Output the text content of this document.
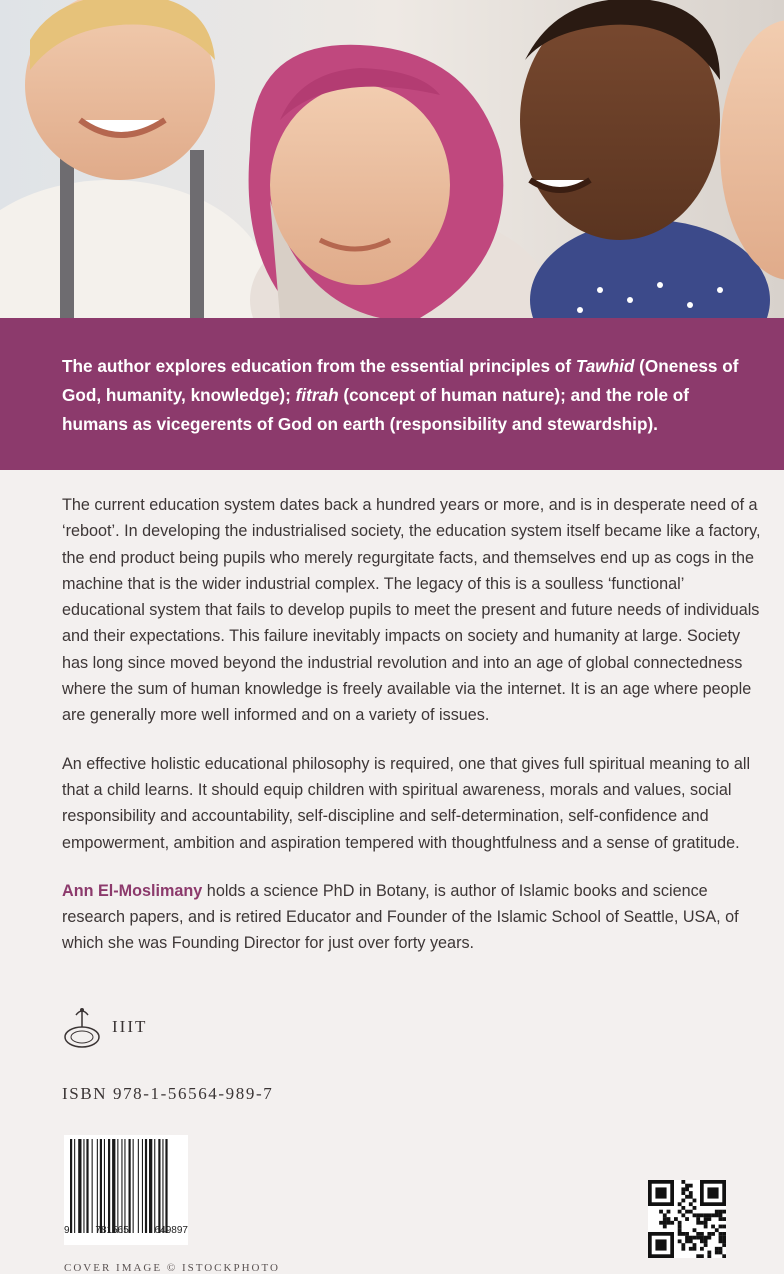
The author explores education from the essential principles of Tawhid (Oneness of God, humanity, knowledge); fitrah (concept of human nature); and the role of humans as vicegerents of God on earth (responsibility and stewardship).

The current education system dates back a hundred years or more, and is in desperate need of a ‘reboot’. In developing the industrialised society, the education system itself became like a factory, the end product being pupils who merely regurgitate facts, and themselves end up as cogs in the machine that is the wider industrial complex. The legacy of this is a soulless ‘functional’ educational system that fails to develop pupils to meet the present and future needs of individuals and their expectations. This failure inevitably impacts on society and humanity at large. Society has long since moved beyond the industrial revolution and into an age of global connectedness where the sum of human knowledge is freely available via the internet. It is an age where people are generally more well informed and on a variety of issues.

An effective holistic educational philosophy is required, one that gives full spiritual meaning to all that a child learns. It should equip children with spiritual awareness, morals and values, social responsibility and accountability, self-discipline and self-determination, self-confidence and empowerment, ambition and aspiration tempered with thoughtfulness and a sense of gratitude.

Ann El-Moslimany holds a science PhD in Botany, is author of Islamic books and science research papers, and is retired Educator and Founder of the Islamic School of Seattle, USA, of which she was Founding Director for just over forty years.

IIIT
ISBN 978-1-56564-989-7
9	781565	649897
COVER IMAGE © ISTOCKPHOTO
